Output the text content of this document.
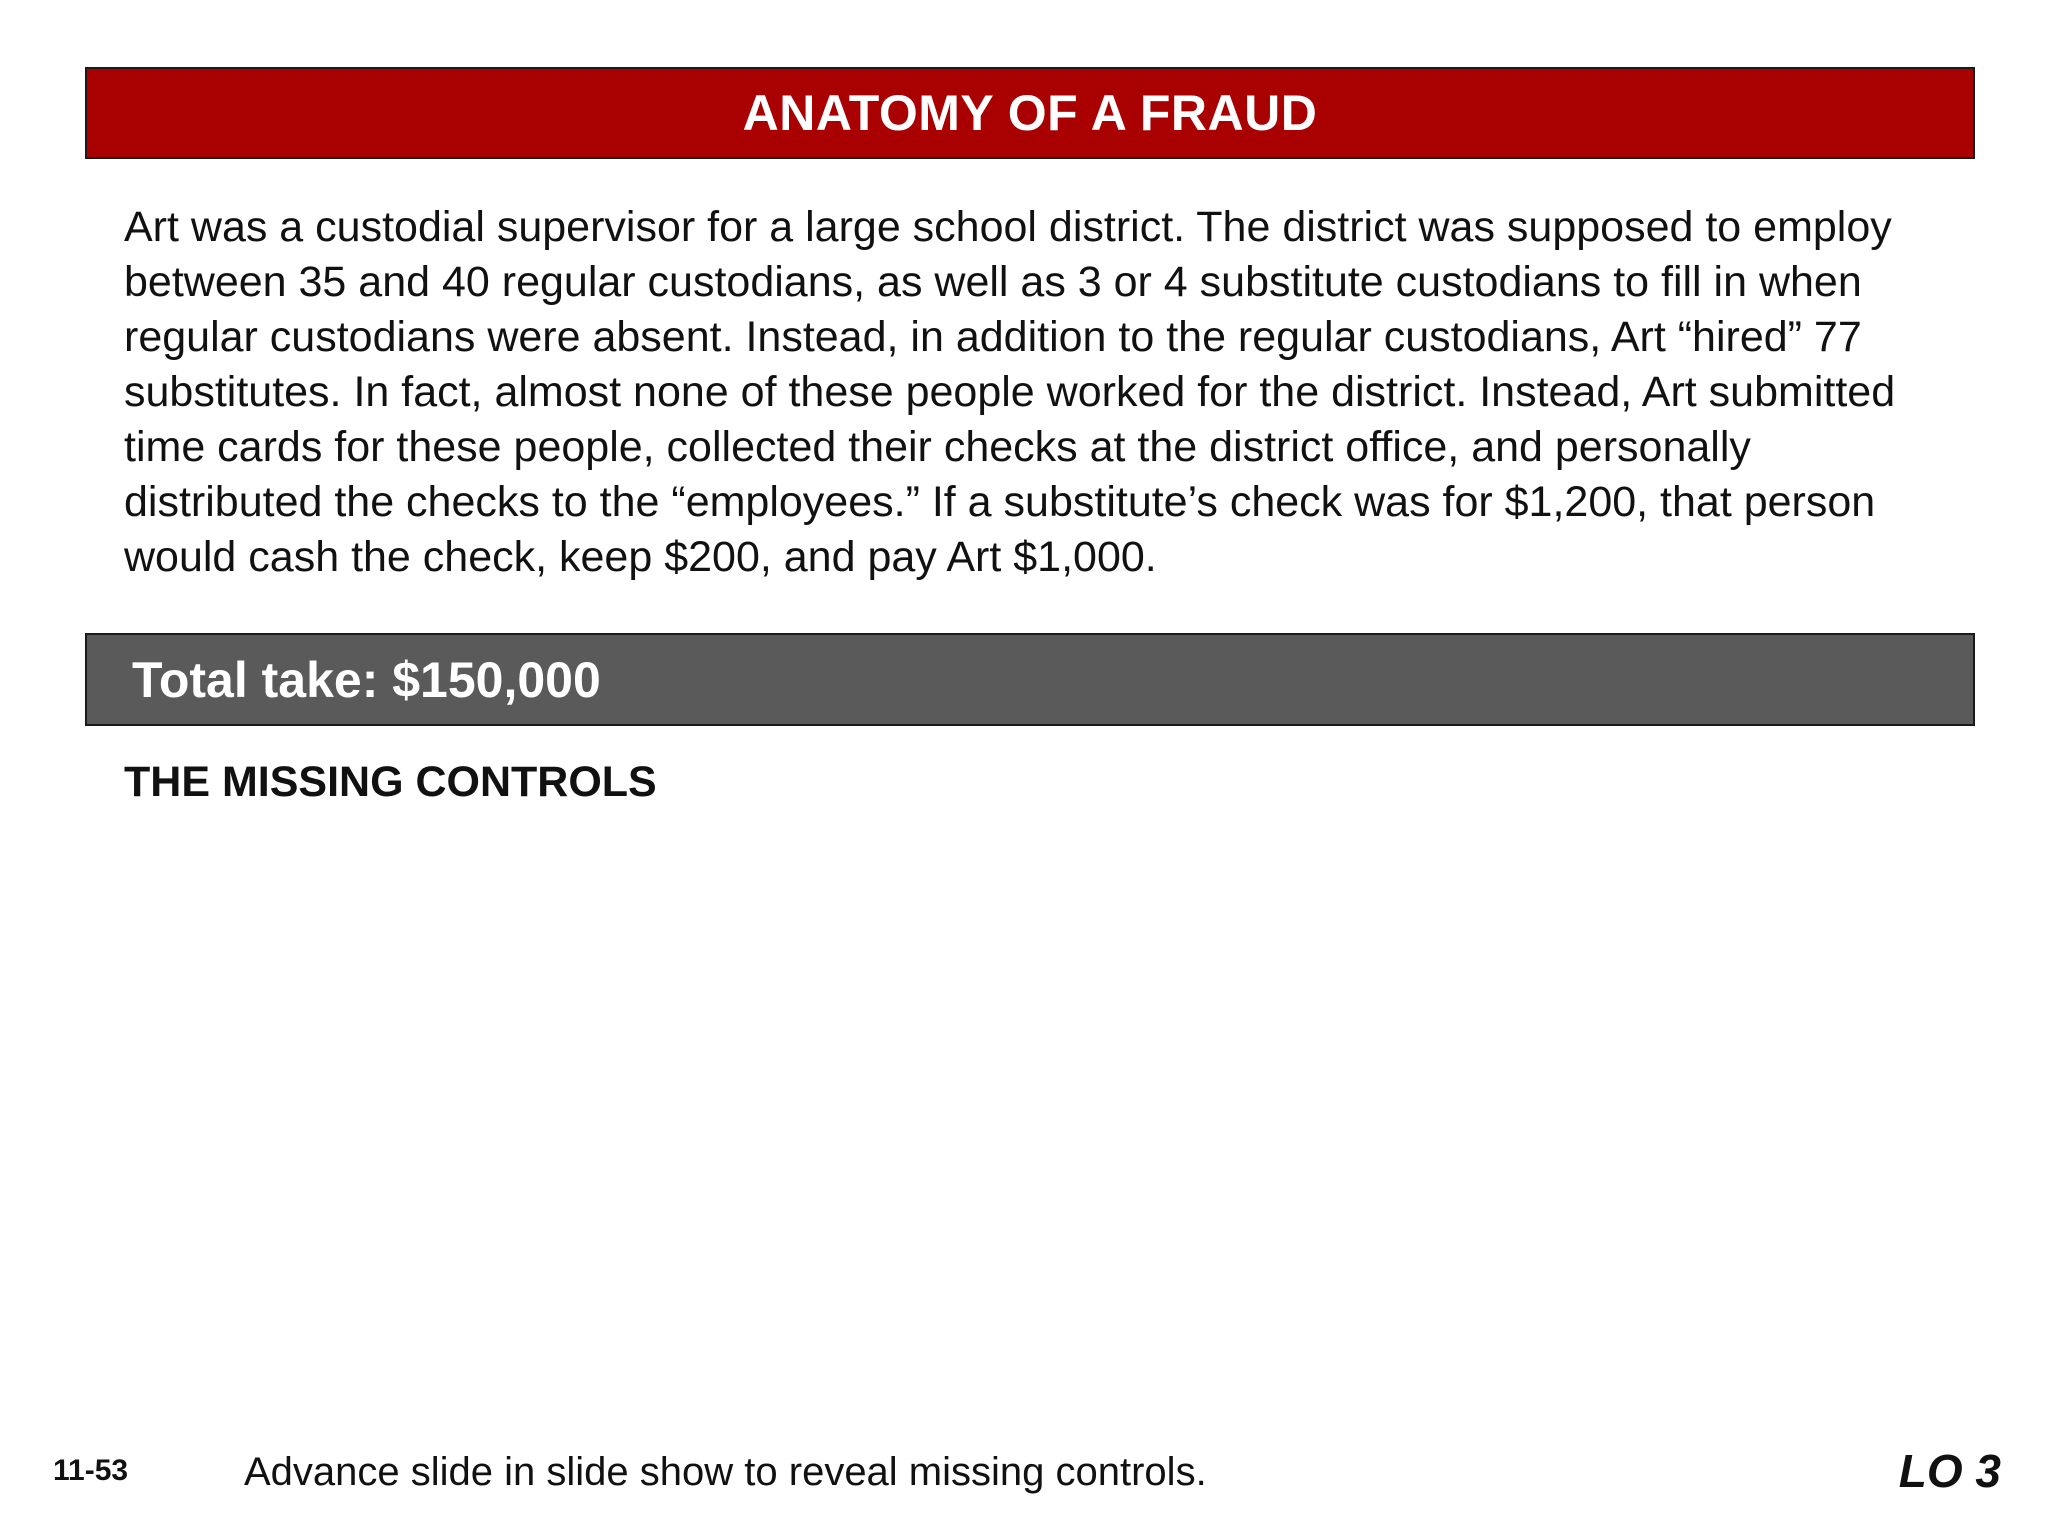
ANATOMY OF A FRAUD

Art was a custodial supervisor for a large school district. The district was supposed to employ between 35 and 40 regular custodians, as well as 3 or 4 substitute custodians to fill in when regular custodians were absent. Instead, in addition to the regular custodians, Art “hired” 77 substitutes. In fact, almost none of these people worked for the district. Instead, Art submitted time cards for these people, collected their checks at the district office, and personally distributed the checks to the “employees.” If a substitute’s check was for $1,200, that person would cash the check, keep $200, and pay Art $1,000.

Total take: $150,000
THE MISSING CONTROLS
11-53	Advance slide in slide show to reveal missing controls.	LO 3
